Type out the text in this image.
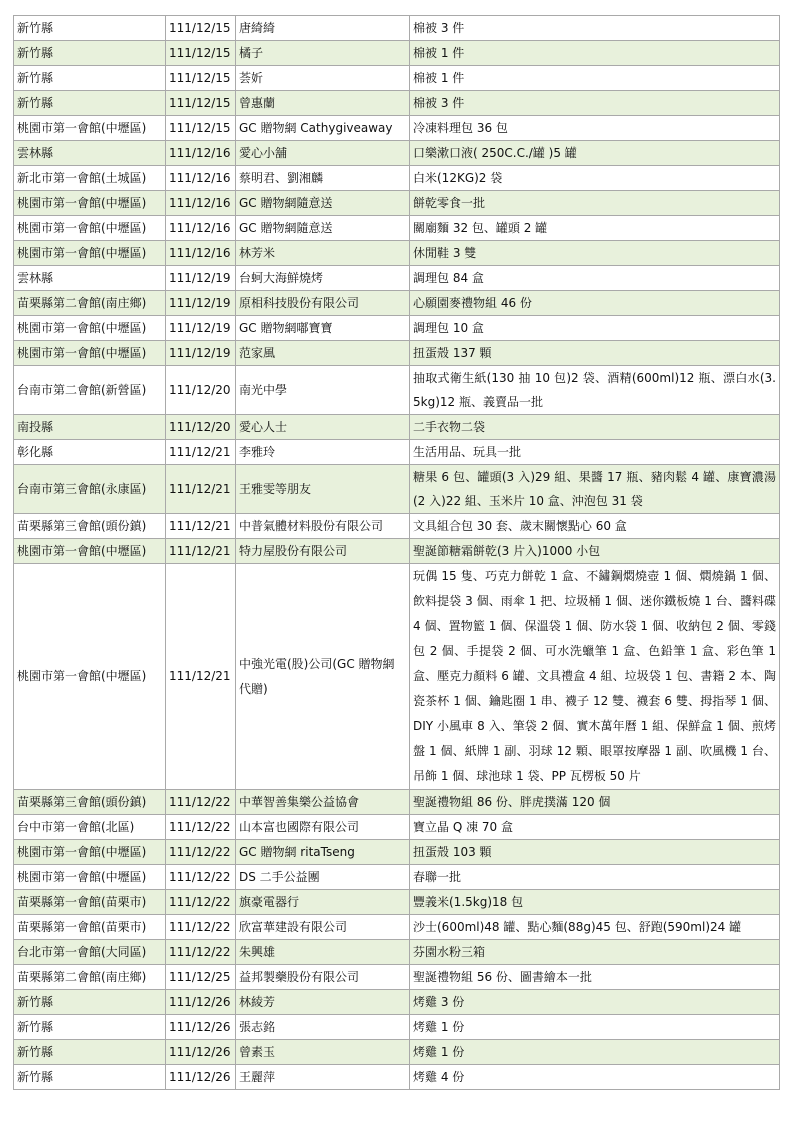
新竹縣	111/12/15	唐綺綺	棉被 3 件
新竹縣	111/12/15	橘子	棉被 1 件
新竹縣	111/12/15	荟妡	棉被 1 件
新竹縣	111/12/15	曾惠蘭	棉被 3 件
桃園市第一會館(中壢區)	111/12/15	GC 贈物網 Cathygiveaway	冷凍料理包 36 包
雲林縣	111/12/16	愛心小舖	口樂漱口液( 250C.C./罐 )5 罐
新北市第一會館(土城區)	111/12/16	蔡明君、劉湘麟	白米(12KG)2 袋
桃園市第一會館(中壢區)	111/12/16	GC 贈物網隨意送	餅乾零食一批
桃園市第一會館(中壢區)	111/12/16	GC 贈物網隨意送	關廟麵 32 包、罐頭 2 罐
桃園市第一會館(中壢區)	111/12/16	林芳米	休閒鞋 3 雙
雲林縣	111/12/19	台蚵大海鮮燒烤	調理包 84 盒
苗栗縣第二會館(南庄鄉)	111/12/19	原相科技股份有限公司	心願園麥禮物組 46 份
桃園市第一會館(中壢區)	111/12/19	GC 贈物網嘟寶寶	調理包 10 盒
桃園市第一會館(中壢區)	111/12/19	范家風	扭蛋殼 137 顆
台南市第二會館(新營區)	111/12/20	南光中學	抽取式衛生紙(130 抽 10 包)2 袋、酒精(600ml)12 瓶、漂白水(3.5kg)12 瓶、義賣品一批
南投縣	111/12/20	愛心人士	二手衣物二袋
彰化縣	111/12/21	李雅玲	生活用品、玩具一批
台南市第三會館(永康區)	111/12/21	王雅雯等朋友	糖果 6 包、罐頭(3 入)29 組、果醬 17 瓶、豬肉鬆 4 罐、康寶濃湯(2 入)22 組、玉米片 10 盒、沖泡包 31 袋
苗栗縣第三會館(頭份鎮)	111/12/21	中普氣體材料股份有限公司	文具組合包 30 套、歲末關懷點心 60 盒
桃園市第一會館(中壢區)	111/12/21	特力屋股份有限公司	聖誕節糖霜餅乾(3 片入)1000 小包
桃園市第一會館(中壢區)	111/12/21	中強光電(股)公司(GC 贈物網代贈)	玩偶 15 隻、巧克力餅乾 1 盒、不鏽鋼燜燒壺 1 個、燜燒鍋 1 個、飲料提袋 3 個、雨傘 1 把、垃圾桶 1 個、迷你鐵板燒 1 台、醬料碟 4 個、置物籃 1 個、保溫袋 1 個、防水袋 1 個、收納包 2 個、零錢包 2 個、手提袋 2 個、可水洗蠟筆 1 盒、色鉛筆 1 盒、彩色筆 1 盒、壓克力顏料 6 罐、文具禮盒 4 組、垃圾袋 1 包、書籍 2 本、陶瓷茶杯 1 個、鑰匙圈 1 串、襪子 12 雙、襪套 6 雙、拇指琴 1 個、DIY 小風車 8 入、筆袋 2 個、實木萬年曆 1 組、保鮮盒 1 個、煎烤盤 1 個、紙牌 1 副、羽球 12 顆、眼罩按摩器 1 副、吹風機 1 台、吊飾 1 個、球池球 1 袋、PP 瓦楞板 50 片
苗栗縣第三會館(頭份鎮)	111/12/22	中華智善集樂公益協會	聖誕禮物組 86 份、胖虎撲滿 120 個
台中市第一會館(北區)	111/12/22	山本富也國際有限公司	寶立晶 Q 凍 70 盒
桃園市第一會館(中壢區)	111/12/22	GC 贈物網 ritaTseng	扭蛋殼 103 顆
桃園市第一會館(中壢區)	111/12/22	DS 二手公益團	春聯一批
苗栗縣第一會館(苗栗市)	111/12/22	旗豪電器行	豐義米(1.5kg)18 包
苗栗縣第一會館(苗栗市)	111/12/22	欣富華建設有限公司	沙士(600ml)48 罐、點心麵(88g)45 包、舒跑(590ml)24 罐
台北市第一會館(大同區)	111/12/22	朱興雄	芬園水粉三箱
苗栗縣第二會館(南庄鄉)	111/12/25	益邦製藥股份有限公司	聖誕禮物組 56 份、圖書繪本一批
新竹縣	111/12/26	林綾芳	烤雞 3 份
新竹縣	111/12/26	張志銘	烤雞 1 份
新竹縣	111/12/26	曾素玉	烤雞 1 份
新竹縣	111/12/26	王麗萍	烤雞 4 份
